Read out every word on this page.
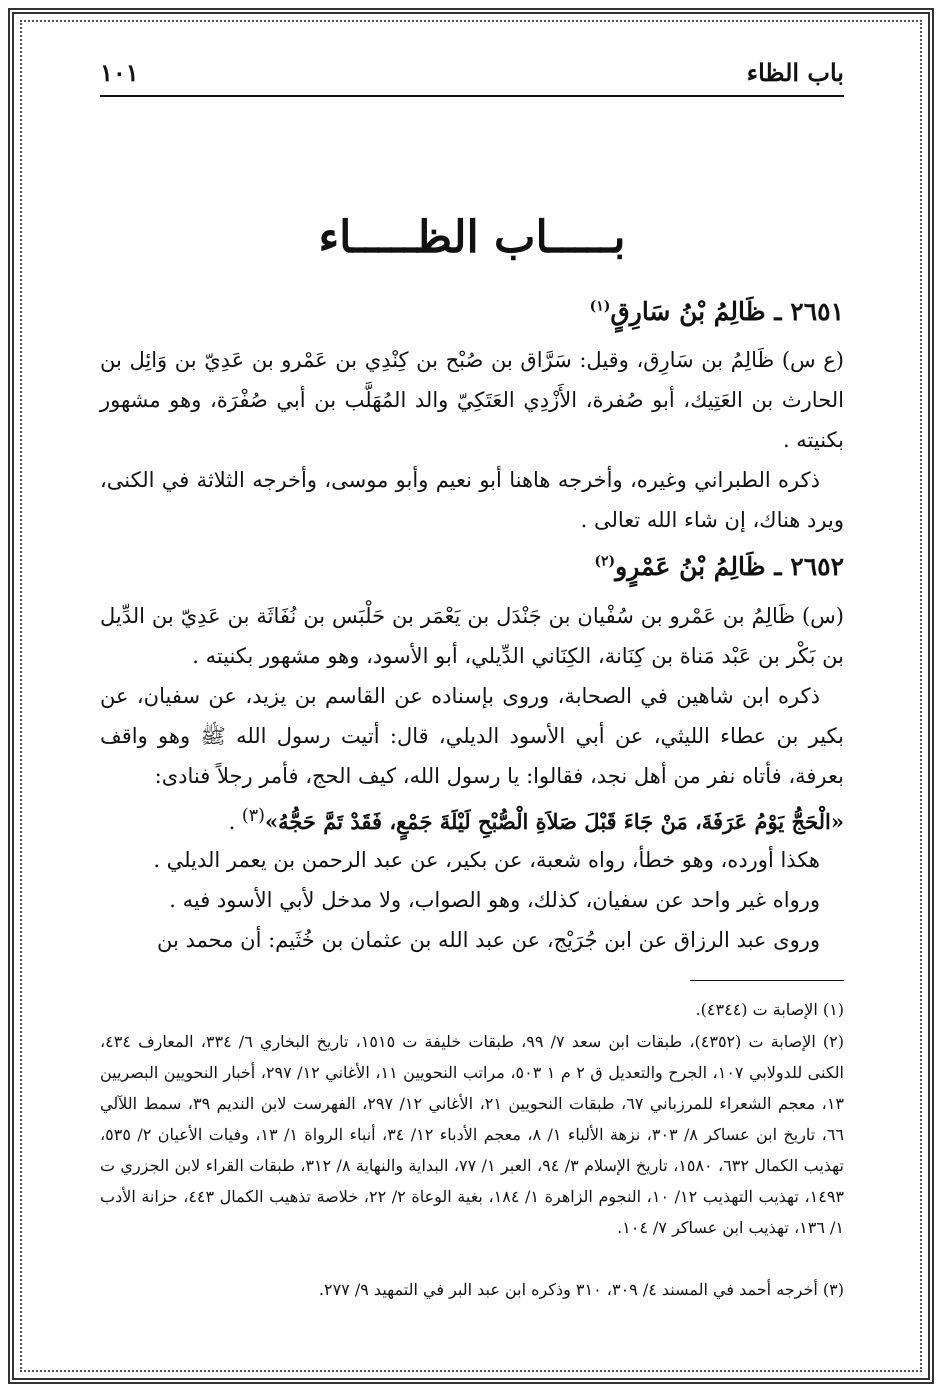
باب الظاء
١٠١
بـــــاب الظـــــاء
٢٦٥١ ـ ظَالِمُ بْنُ سَارِقٍ$^{(١)}$

(ع س) ظَالِمُ بن سَارِق، وقيل: سَرَّاق بن صُبْح بن كِنْدِي بن عَمْرو بن عَدِيّ بن وَائِل بن الحارث بن العَتِيك، أبو صُفرة، الأَزْدِي العَتَكِيّ والد المُهَلَّب بن أبي صُفْرَة، وهو مشهور بكنيته .

ذكره الطبراني وغيره، وأخرجه هاهنا أبو نعيم وأبو موسى، وأخرجه الثلاثة في الكنى، ويرد هناك، إن شاء الله تعالى .

٢٦٥٢ ـ ظَالِمُ بْنُ عَمْرٍو$^{(٢)}$

(س) ظَالِمُ بن عَمْرو بن سُفْيان بن جَنْدَل بن يَعْمَر بن حَلْبَس بن نُفَاثَة بن عَدِيّ بن الدِّيل بن بَكْر بن عَبْد مَناة بن كِنَانة، الكِنَاني الدِّيلي، أبو الأسود، وهو مشهور بكنيته .

ذكره ابن شاهين في الصحابة، وروى بإسناده عن القاسم بن يزيد، عن سفيان، عن بكير بن عطاء الليثي، عن أبي الأسود الديلي، قال: أتيت رسول الله ﷺ وهو واقف بعرفة، فأتاه نفر من أهل نجد، فقالوا: يا رسول الله، كيف الحج، فأمر رجلاً فنادى:

«الْحَجُّ يَوْمُ عَرَفَةَ، مَنْ جَاءَ قَبْلَ صَلاَةِ الْصُّبْحِ لَيْلَةَ جَمْعٍ، فَقَدْ تَمَّ حَجُّهُ»$^{(٣)}$ .

هكذا أورده، وهو خطأ، رواه شعبة، عن بكير، عن عبد الرحمن بن يعمر الديلي .

ورواه غير واحد عن سفيان، كذلك، وهو الصواب، ولا مدخل لأبي الأسود فيه .

وروى عبد الرزاق عن ابن جُرَيْج، عن عبد الله بن عثمان بن خُثَيم: أن محمد بن

(١) الإصابة ت (٤٣٤٤).

(٢) الإصابة ت (٤٣٥٢)، طبقات ابن سعد ٧/ ٩٩، طبقات خليفة ت ١٥١٥، تاريخ البخاري ٦/ ٣٣٤، المعارف ٤٣٤، الكنى للدولابي ١٠٧، الجرح والتعديل ق ٢ م ١ ٥٠٣، مراتب النحويين ١١، الأغاني ١٢/ ٢٩٧، أخبار النحويين البصريين ١٣، معجم الشعراء للمرزباني ٦٧، طبقات النحويين ٢١، الأغاني ١٢/ ٢٩٧، الفهرست لابن النديم ٣٩، سمط اللآلي ٦٦، تاريخ ابن عساكر ٨/ ٣٠٣، نزهة الألباء ١/ ٨، معجم الأدباء ١٢/ ٣٤، أنباء الرواة ١/ ١٣، وفيات الأعيان ٢/ ٥٣٥، تهذيب الكمال ٦٣٢، ١٥٨٠، تاريخ الإسلام ٣/ ٩٤، العبر ١/ ٧٧، البداية والنهاية ٨/ ٣١٢، طبقات القراء لابن الجزري ت ١٤٩٣، تهذيب التهذيب ١٢/ ١٠، النجوم الزاهرة ١/ ١٨٤، بغية الوعاة ٢/ ٢٢، خلاصة تذهيب الكمال ٤٤٣، حزانة الأدب ١/ ١٣٦، تهذيب ابن عساكر ٧/ ١٠٤.

(٣) أخرجه أحمد في المسند ٤/ ٣٠٩، ٣١٠ وذكره ابن عبد البر في التمهيد ٩/ ٢٧٧.
